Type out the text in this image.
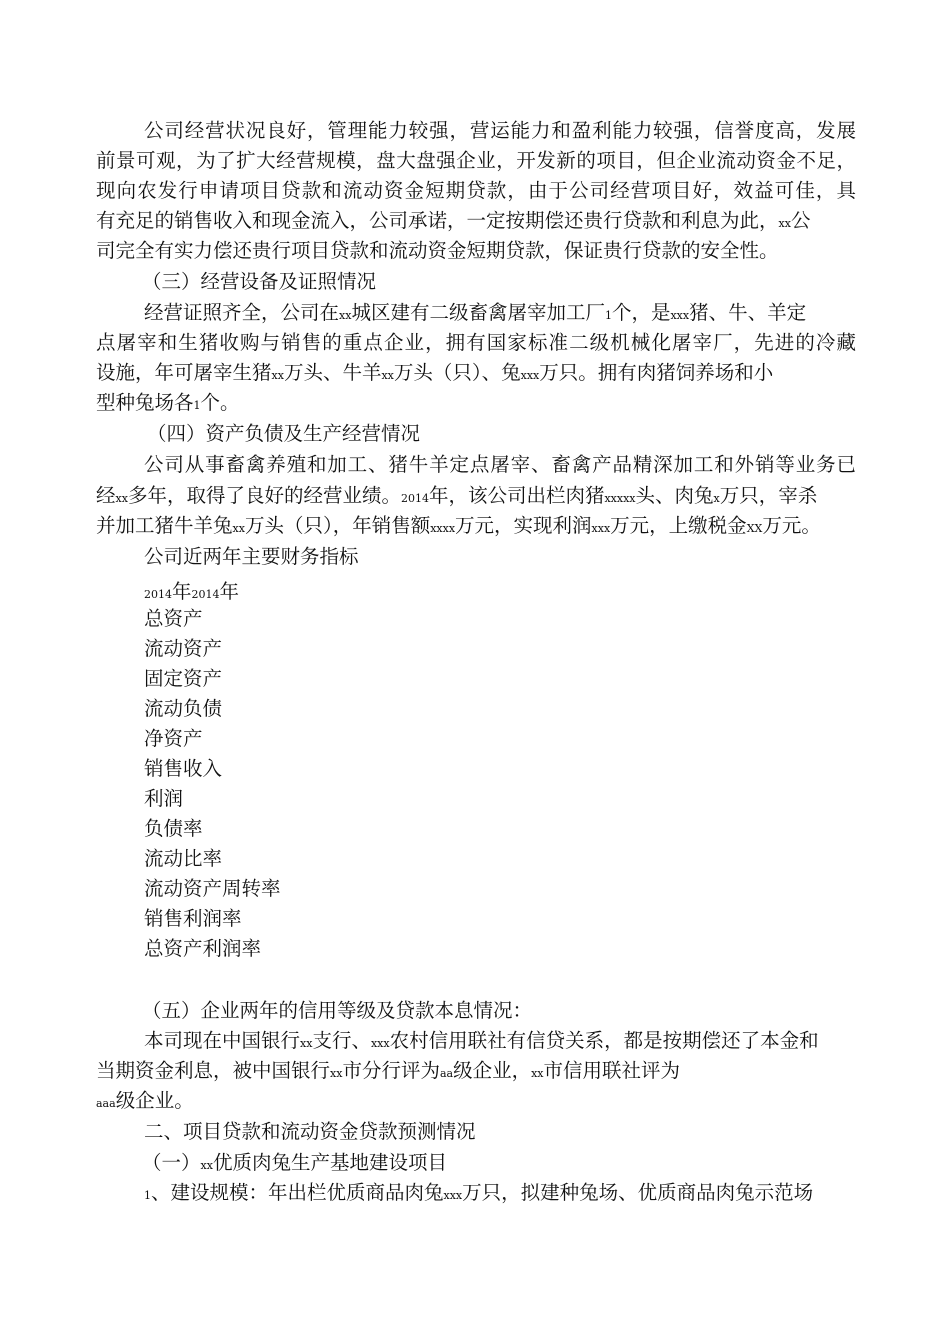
公司经营状况良好，管理能力较强，营运能力和盈利能力较强，信誉度高，发展
前景可观，为了扩大经营规模，盘大盘强企业，开发新的项目，但企业流动资金不足，
现向农发行申请项目贷款和流动资金短期贷款，由于公司经营项目好，效益可佳，具
有充足的销售收入和现金流入，公司承诺，一定按期偿还贵行贷款和利息为此，xx公
司完全有实力偿还贵行项目贷款和流动资金短期贷款，保证贵行贷款的安全性。
（三）经营设备及证照情况
经营证照齐全，公司在xx城区建有二级畜禽屠宰加工厂1个，是xxx猪、牛、羊定
点屠宰和生猪收购与销售的重点企业，拥有国家标准二级机械化屠宰厂，先进的冷藏
设施，年可屠宰生猪xx万头、牛羊xx万头（只）、兔xxx万只。拥有肉猪饲养场和小
型种兔场各1个。
（四）资产负债及生产经营情况
公司从事畜禽养殖和加工、猪牛羊定点屠宰、畜禽产品精深加工和外销等业务已
经xx多年，取得了良好的经营业绩。2014年，该公司出栏肉猪xxxxx头、肉兔x万只，宰杀
并加工猪牛羊兔xx万头（只），年销售额xxxx万元，实现利润xxx万元，上缴税金XX万元。
公司近两年主要财务指标
2014年2014年
总资产
流动资产
固定资产
流动负债
净资产
销售收入
利润
负债率
流动比率
流动资产周转率
销售利润率
总资产利润率
（五）企业两年的信用等级及贷款本息情况：
本司现在中国银行xx支行、xxx农村信用联社有信贷关系，都是按期偿还了本金和
当期资金利息，被中国银行xx市分行评为aa级企业，xx市信用联社评为
aaa级企业。
二、项目贷款和流动资金贷款预测情况
（一）xx优质肉兔生产基地建设项目
1、建设规模：年出栏优质商品肉兔xxx万只，拟建种兔场、优质商品肉兔示范场
